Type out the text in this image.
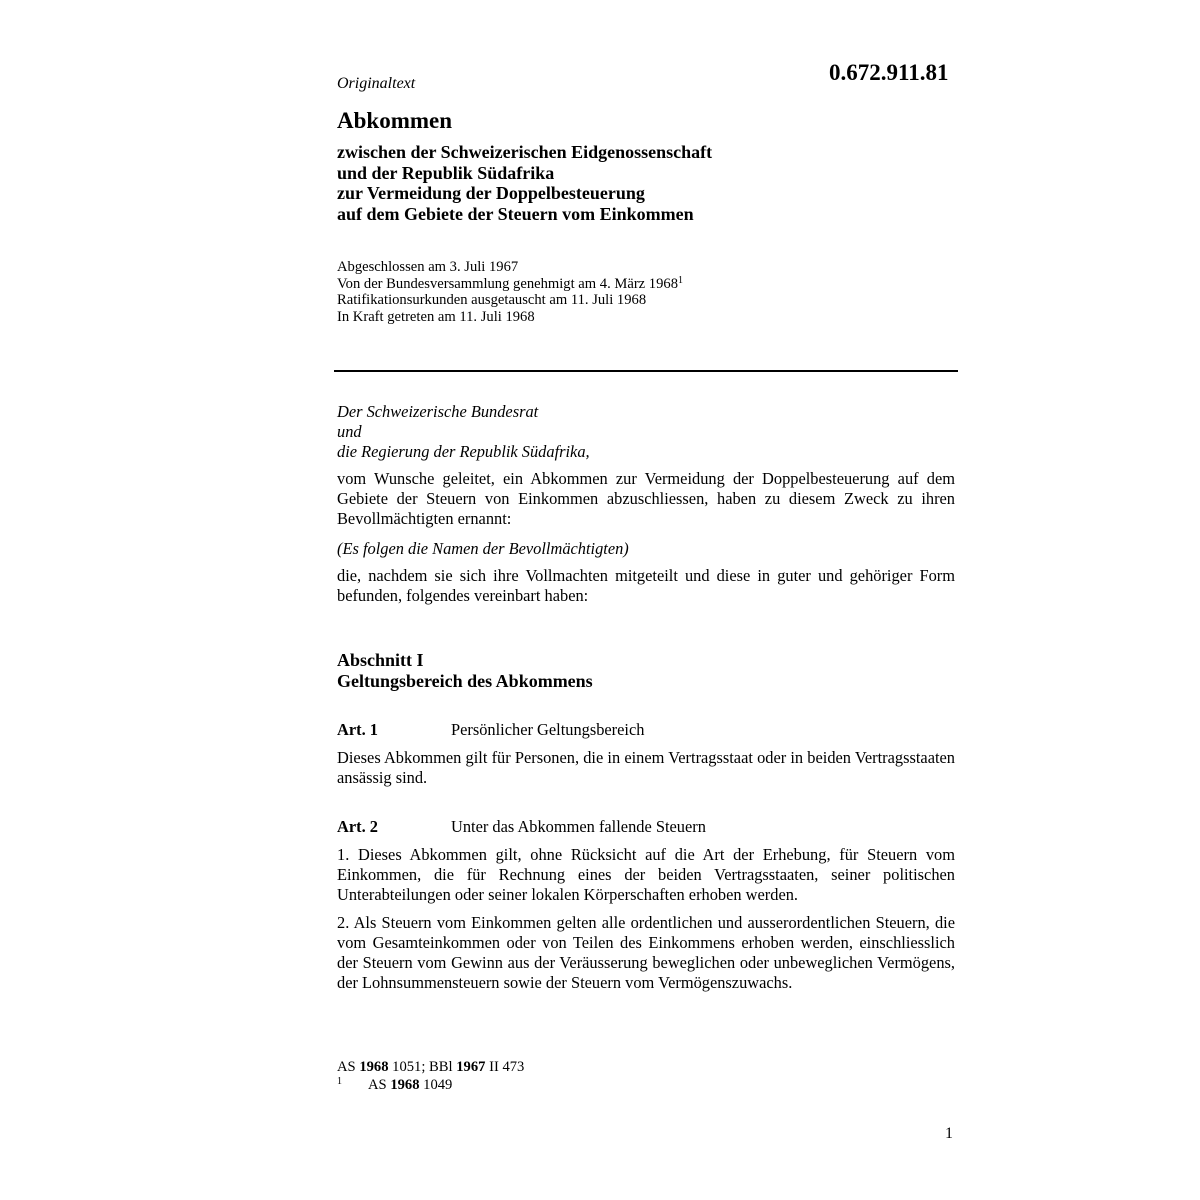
0.672.911.81
Originaltext
Abkommen
zwischen der Schweizerischen Eidgenossenschaft
und der Republik Südafrika
zur Vermeidung der Doppelbesteuerung
auf dem Gebiete der Steuern vom Einkommen
Abgeschlossen am 3. Juli 1967
Von der Bundesversammlung genehmigt am 4. März 1968$^1$
Ratifikationsurkunden ausgetauscht am 11. Juli 1968
In Kraft getreten am 11. Juli 1968
Der Schweizerische Bundesrat
und
die Regierung der Republik Südafrika,

vom Wunsche geleitet, ein Abkommen zur Vermeidung der Doppelbesteuerung auf dem Gebiete der Steuern von Einkommen abzuschliessen, haben zu diesem Zweck zu ihren Bevollmächtigten ernannt:

(Es folgen die Namen der Bevollmächtigten)

die, nachdem sie sich ihre Vollmachten mitgeteilt und diese in guter und gehöriger Form befunden, folgendes vereinbart haben:

Abschnitt I
Geltungsbereich des Abkommens
Art. 1	Persönlicher Geltungsbereich

Dieses Abkommen gilt für Personen, die in einem Vertragsstaat oder in beiden Vertragsstaaten ansässig sind.

Art. 2	Unter das Abkommen fallende Steuern

1. Dieses Abkommen gilt, ohne Rücksicht auf die Art der Erhebung, für Steuern vom Einkommen, die für Rechnung eines der beiden Vertragsstaaten, seiner politischen Unterabteilungen oder seiner lokalen Körperschaften erhoben werden.

2. Als Steuern vom Einkommen gelten alle ordentlichen und ausserordentlichen Steuern, die vom Gesamteinkommen oder von Teilen des Einkommens erhoben werden, einschliesslich der Steuern vom Gewinn aus der Veräusserung beweglichen oder unbeweglichen Vermögens, der Lohnsummensteuern sowie der Steuern vom Vermögenszuwachs.

AS 1968 1051; BBl 1967 II 473
$^1$ AS 1968 1049
1
